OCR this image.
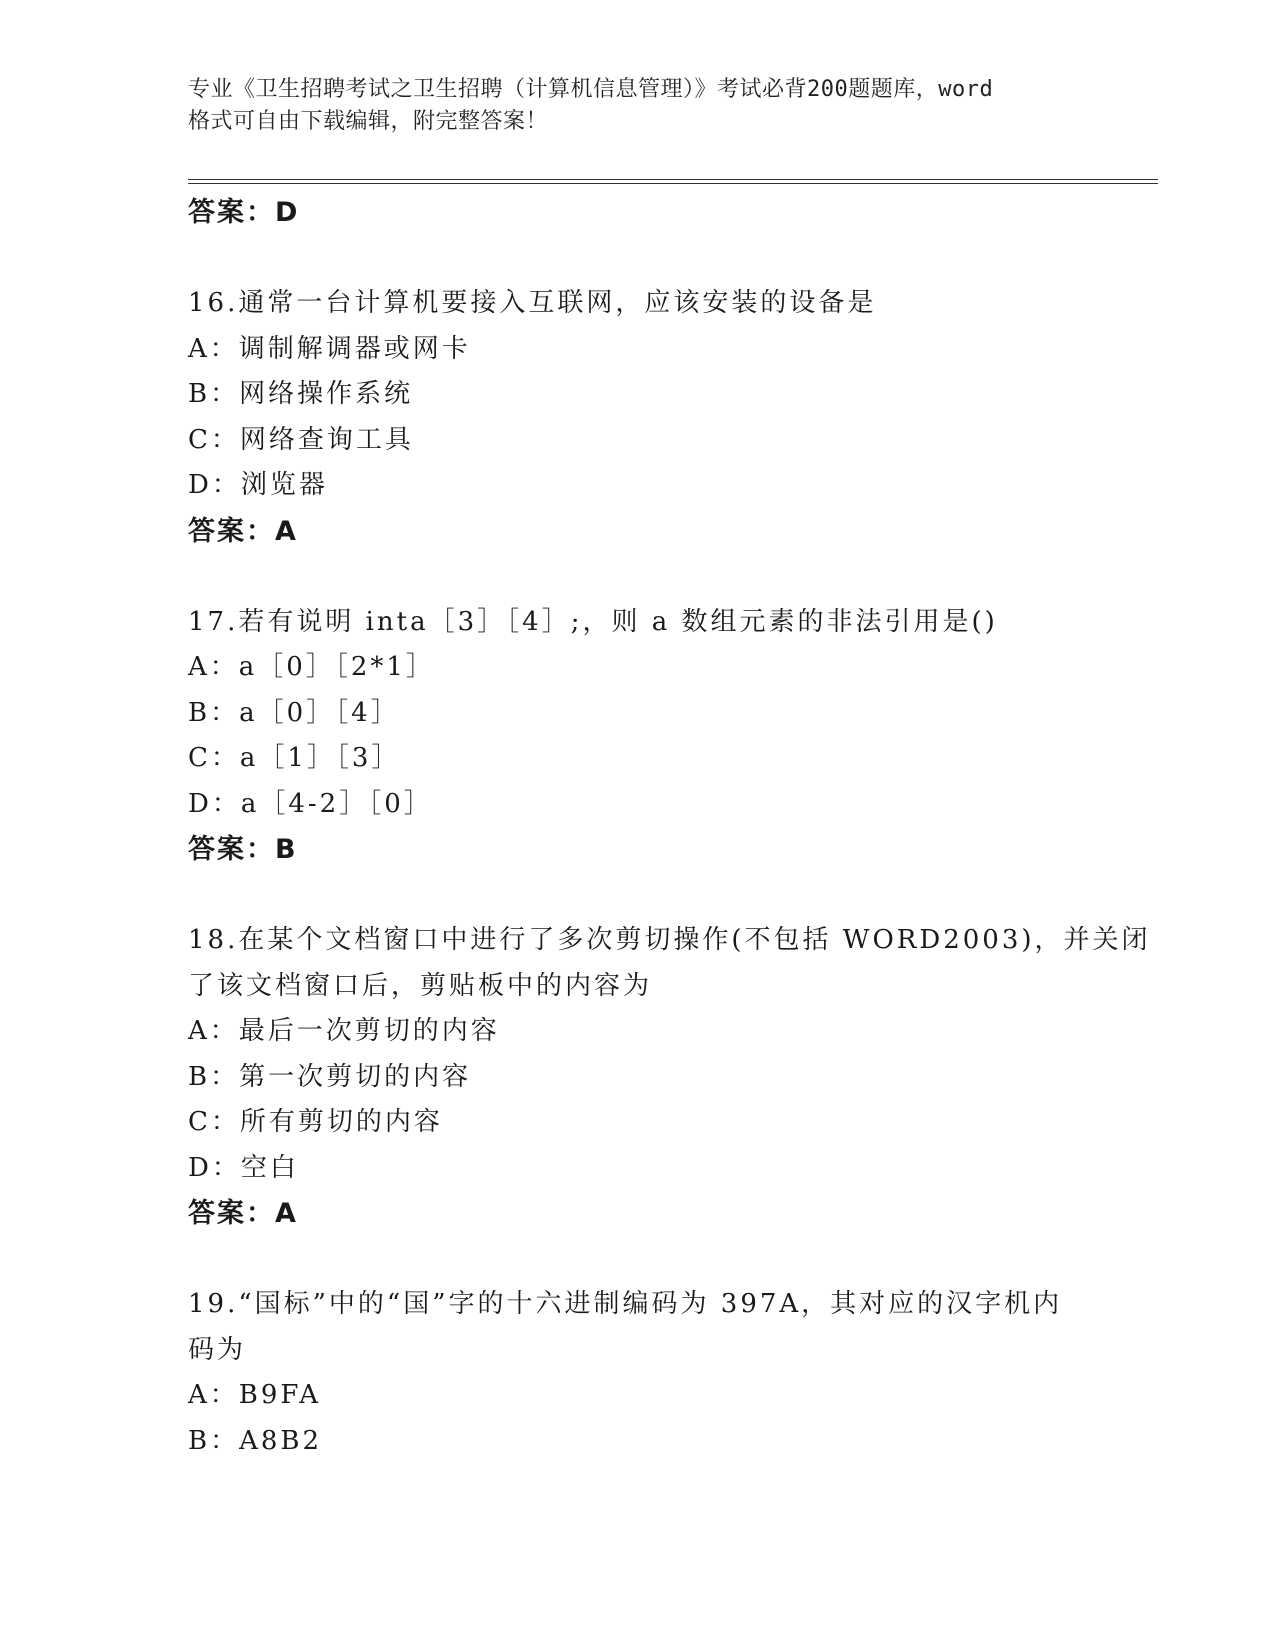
专业《卫生招聘考试之卫生招聘（计算机信息管理）》考试必背200题题库，word
格式可自由下载编辑，附完整答案！
答案：D
16.通常一台计算机要接入互联网，应该安装的设备是
A：调制解调器或网卡
B：网络操作系统
C：网络查询工具
D：浏览器
答案：A
17.若有说明 inta［3］［4］;，则 a 数组元素的非法引用是()
A：a［0］［2*1］
B：a［0］［4］
C：a［1］［3］
D：a［4-2］［0］
答案：B
18.在某个文档窗口中进行了多次剪切操作(不包括 WORD2003)，并关闭
了该文档窗口后，剪贴板中的内容为
A：最后一次剪切的内容
B：第一次剪切的内容
C：所有剪切的内容
D：空白
答案：A
19.“国标”中的“国”字的十六进制编码为 397A，其对应的汉字机内
码为
A：B9FA
B：A8B2
